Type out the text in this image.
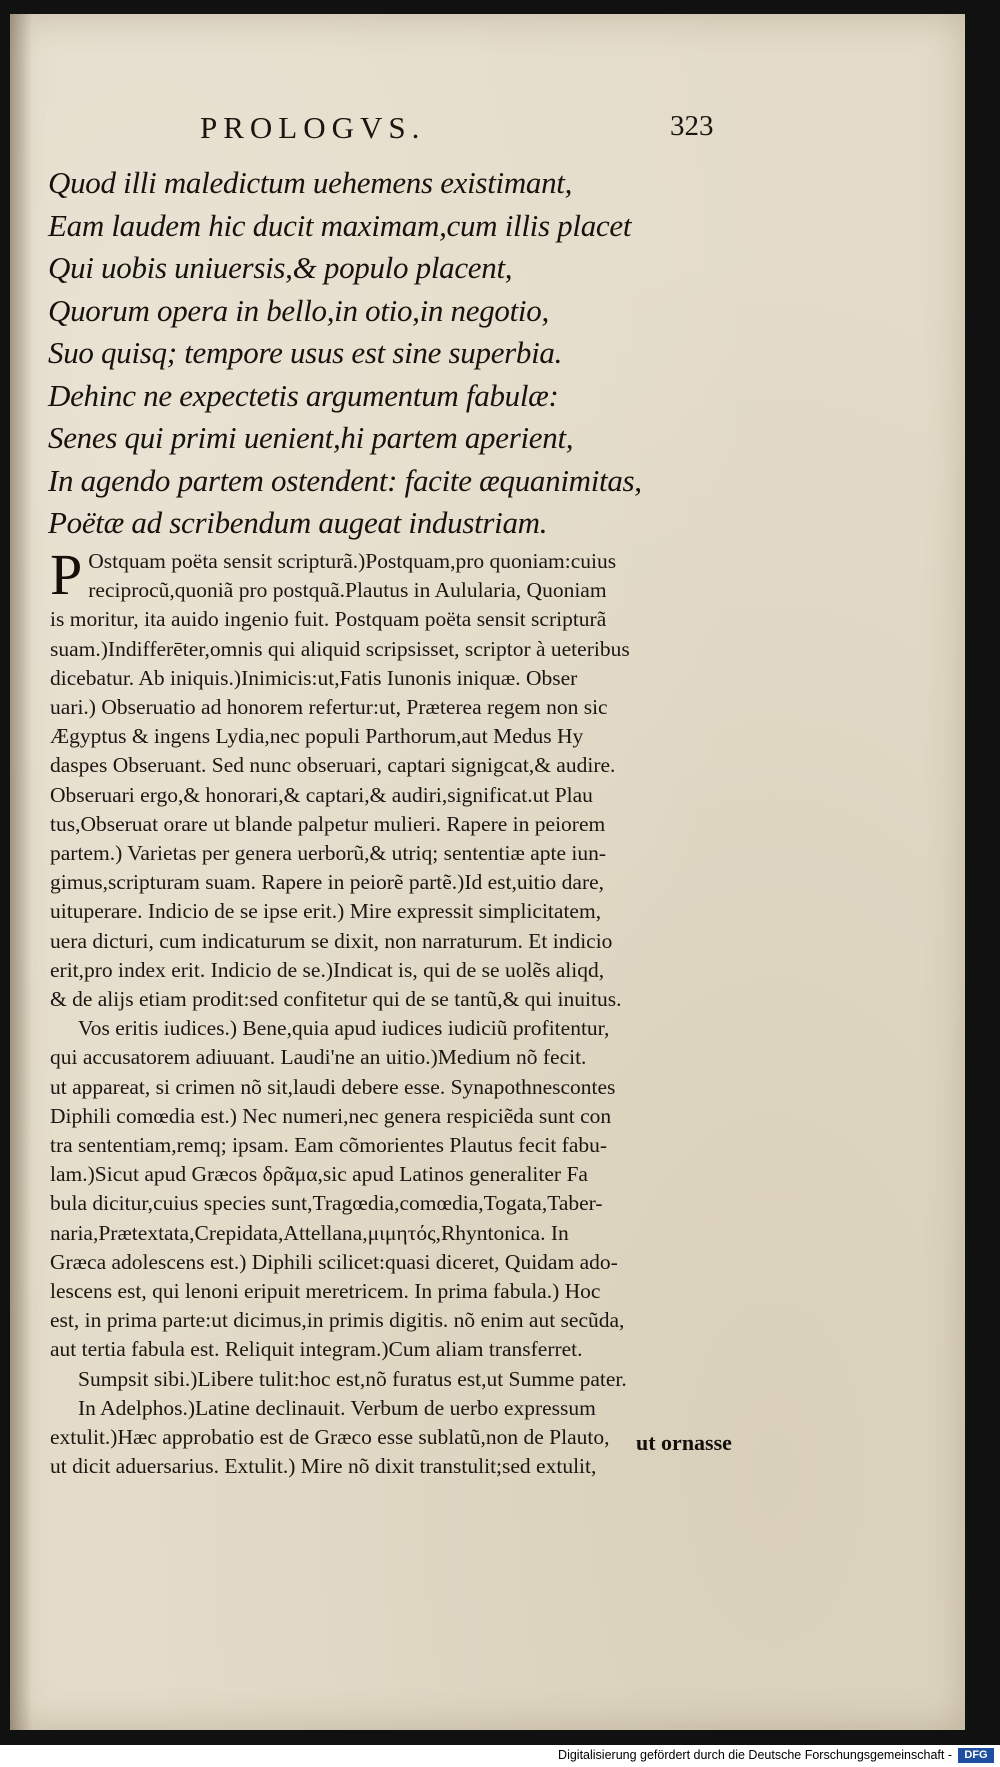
PROLOGVS.	323
Quod illi maledictum uehemens existimant,
Eam laudem hic ducit maximam,cum illis placet
Qui uobis uniuersis,& populo placent,
Quorum opera in bello,in otio,in negotio,
Suo quisq; tempore usus est sine superbia.
Dehinc ne expectetis argumentum fabulæ:
Senes qui primi uenient,hi partem aperient,
In agendo partem ostendent: facite æquanimitas,
Poëtæ ad scribendum augeat industriam.
P Ostquam poëta sensit scripturã.)Postquam,pro quoniam:cuius
reciprocũ,quoniã pro postquã.Plautus in Aulularia, Quoniam
is moritur, ita auido ingenio fuit. Postquam poëta sensit scripturã
suam.)Indifferēter,omnis qui aliquid scripsisset, scriptor à ueteribus
dicebatur. Ab iniquis.)Inimicis:ut,Fatis Iunonis iniquæ. Obser
uari.) Obseruatio ad honorem refertur:ut, Præterea regem non sic
Ægyptus & ingens Lydia,nec populi Parthorum,aut Medus Hy
daspes Obseruant. Sed nunc obseruari, captari signigcat,& audire.
Obseruari ergo,& honorari,& captari,& audiri,significat.ut Plau
tus,Obseruat orare ut blande palpetur mulieri. Rapere in peiorem
partem.) Varietas per genera uerborũ,& utriq; sententiæ apte iun-
gimus,scripturam suam. Rapere in peiorẽ partẽ.)Id est,uitio dare,
uituperare. Indicio de se ipse erit.) Mire expressit simplicitatem,
uera dicturi, cum indicaturum se dixit, non narraturum. Et indicio
erit,pro index erit. Indicio de se.)Indicat is, qui de se uolẽs aliqd,
& de alijs etiam prodit:sed confitetur qui de se tantũ,& qui inuitus.
Vos eritis iudices.) Bene,quia apud iudices iudiciũ profitentur,
qui accusatorem adiuuant. Laudi'ne an uitio.)Medium nõ fecit.
ut appareat, si crimen nõ sit,laudi debere esse. Synapothnescontes
Diphili comœdia est.) Nec numeri,nec genera respiciẽda sunt con
tra sententiam,remq; ipsam. Eam cõmorientes Plautus fecit fabu-
lam.)Sicut apud Græcos δρᾶμα,sic apud Latinos generaliter Fa
bula dicitur,cuius species sunt,Tragœdia,comœdia,Togata,Taber-
naria,Prætextata,Crepidata,Attellana,μιμητός,Rhyntonica. In
Græca adolescens est.) Diphili scilicet:quasi diceret, Quidam ado-
lescens est, qui lenoni eripuit meretricem. In prima fabula.) Hoc
est, in prima parte:ut dicimus,in primis digitis. nõ enim aut secũda,
aut tertia fabula est. Reliquit integram.)Cum aliam transferret.
Sumpsit sibi.)Libere tulit:hoc est,nõ furatus est,ut Summe pater.
In Adelphos.)Latine declinauit. Verbum de uerbo expressum
extulit.)Hæc approbatio est de Græco esse sublatũ,non de Plauto,
ut dicit aduersarius. Extulit.) Mire nõ dixit transtulit;sed extulit,
ut ornasse
Digitalisierung gefördert durch die Deutsche Forschungsgemeinschaft -	DFG
